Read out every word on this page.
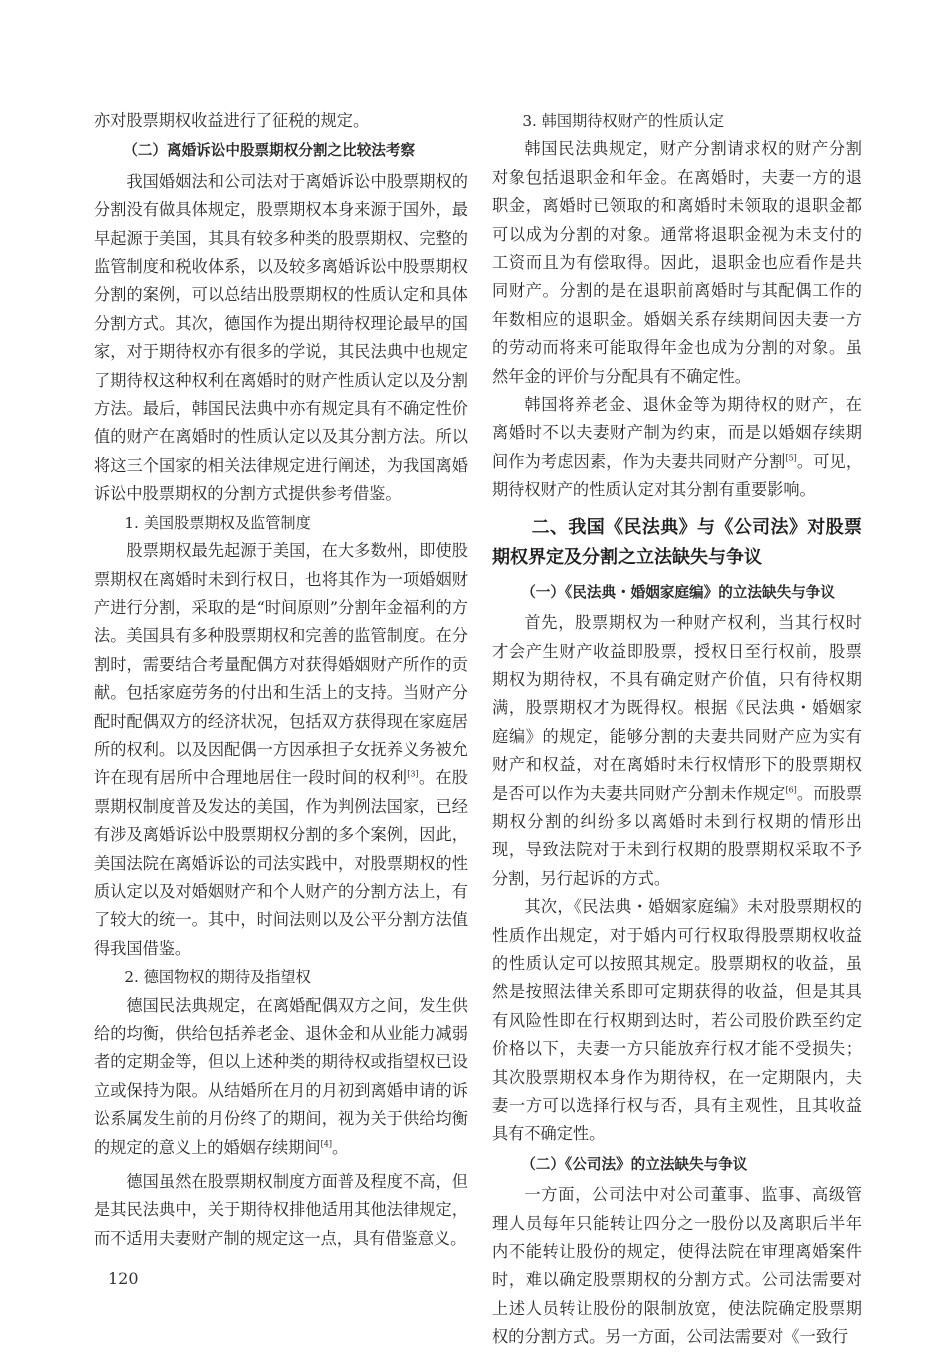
亦对股票期权收益进行了征税的规定。

（二）离婚诉讼中股票期权分割之比较法考察

我国婚姻法和公司法对于离婚诉讼中股票期权的分割没有做具体规定，股票期权本身来源于国外，最早起源于美国，其具有较多种类的股票期权、完整的监管制度和税收体系，以及较多离婚诉讼中股票期权分割的案例，可以总结出股票期权的性质认定和具体分割方式。其次，德国作为提出期待权理论最早的国家，对于期待权亦有很多的学说，其民法典中也规定了期待权这种权利在离婚时的财产性质认定以及分割方法。最后，韩国民法典中亦有规定具有不确定性价值的财产在离婚时的性质认定以及其分割方法。所以将这三个国家的相关法律规定进行阐述，为我国离婚诉讼中股票期权的分割方式提供参考借鉴。

1. 美国股票期权及监管制度

股票期权最先起源于美国，在大多数州，即使股票期权在离婚时未到行权日，也将其作为一项婚姻财产进行分割，采取的是“时间原则”分割年金福利的方法。美国具有多种股票期权和完善的监管制度。在分割时，需要结合考量配偶方对获得婚姻财产所作的贡献。包括家庭劳务的付出和生活上的支持。当财产分配时配偶双方的经济状况，包括双方获得现在家庭居所的权利。以及因配偶一方因承担子女抚养义务被允许在现有居所中合理地居住一段时间的权利[3]。在股票期权制度普及发达的美国，作为判例法国家，已经有涉及离婚诉讼中股票期权分割的多个案例，因此，美国法院在离婚诉讼的司法实践中，对股票期权的性质认定以及对婚姻财产和个人财产的分割方法上，有了较大的统一。其中，时间法则以及公平分割方法值得我国借鉴。

2. 德国物权的期待及指望权

德国民法典规定，在离婚配偶双方之间，发生供给的均衡，供给包括养老金、退休金和从业能力减弱者的定期金等，但以上述种类的期待权或指望权已设立或保持为限。从结婚所在月的月初到离婚申请的诉讼系属发生前的月份终了的期间，视为关于供给均衡的规定的意义上的婚姻存续期间[4]。

德国虽然在股票期权制度方面普及程度不高，但是其民法典中，关于期待权排他适用其他法律规定，而不适用夫妻财产制的规定这一点，具有借鉴意义。

3. 韩国期待权财产的性质认定

韩国民法典规定，财产分割请求权的财产分割对象包括退职金和年金。在离婚时，夫妻一方的退职金，离婚时已领取的和离婚时未领取的退职金都可以成为分割的对象。通常将退职金视为未支付的工资而且为有偿取得。因此，退职金也应看作是共同财产。分割的是在退职前离婚时与其配偶工作的年数相应的退职金。婚姻关系存续期间因夫妻一方的劳动而将来可能取得年金也成为分割的对象。虽然年金的评价与分配具有不确定性。

韩国将养老金、退休金等为期待权的财产，在离婚时不以夫妻财产制为约束，而是以婚姻存续期间作为考虑因素，作为夫妻共同财产分割[5]。可见，期待权财产的性质认定对其分割有重要影响。

二、我国《民法典》与《公司法》对股票期权界定及分割之立法缺失与争议

（一）《民法典・婚姻家庭编》的立法缺失与争议

首先，股票期权为一种财产权利，当其行权时才会产生财产收益即股票，授权日至行权前，股票期权为期待权，不具有确定财产价值，只有待权期满，股票期权才为既得权。根据《民法典・婚姻家庭编》的规定，能够分割的夫妻共同财产应为实有财产和权益，对在离婚时未行权情形下的股票期权是否可以作为夫妻共同财产分割未作规定[6]。而股票期权分割的纠纷多以离婚时未到行权期的情形出现，导致法院对于未到行权期的股票期权采取不予分割，另行起诉的方式。

其次，《民法典・婚姻家庭编》未对股票期权的性质作出规定，对于婚内可行权取得股票期权收益的性质认定可以按照其规定。股票期权的收益，虽然是按照法律关系即可定期获得的收益，但是其具有风险性即在行权期到达时，若公司股价跌至约定价格以下，夫妻一方只能放弃行权才能不受损失；其次股票期权本身作为期待权，在一定期限内，夫妻一方可以选择行权与否，具有主观性，且其收益具有不确定性。

（二）《公司法》的立法缺失与争议

一方面，公司法中对公司董事、监事、高级管理人员每年只能转让四分之一股份以及离职后半年内不能转让股份的规定，使得法院在审理离婚案件时，难以确定股票期权的分割方式。公司法需要对上述人员转让股份的限制放宽，使法院确定股票期权的分割方式。另一方面，公司法需要对《一致行

120
